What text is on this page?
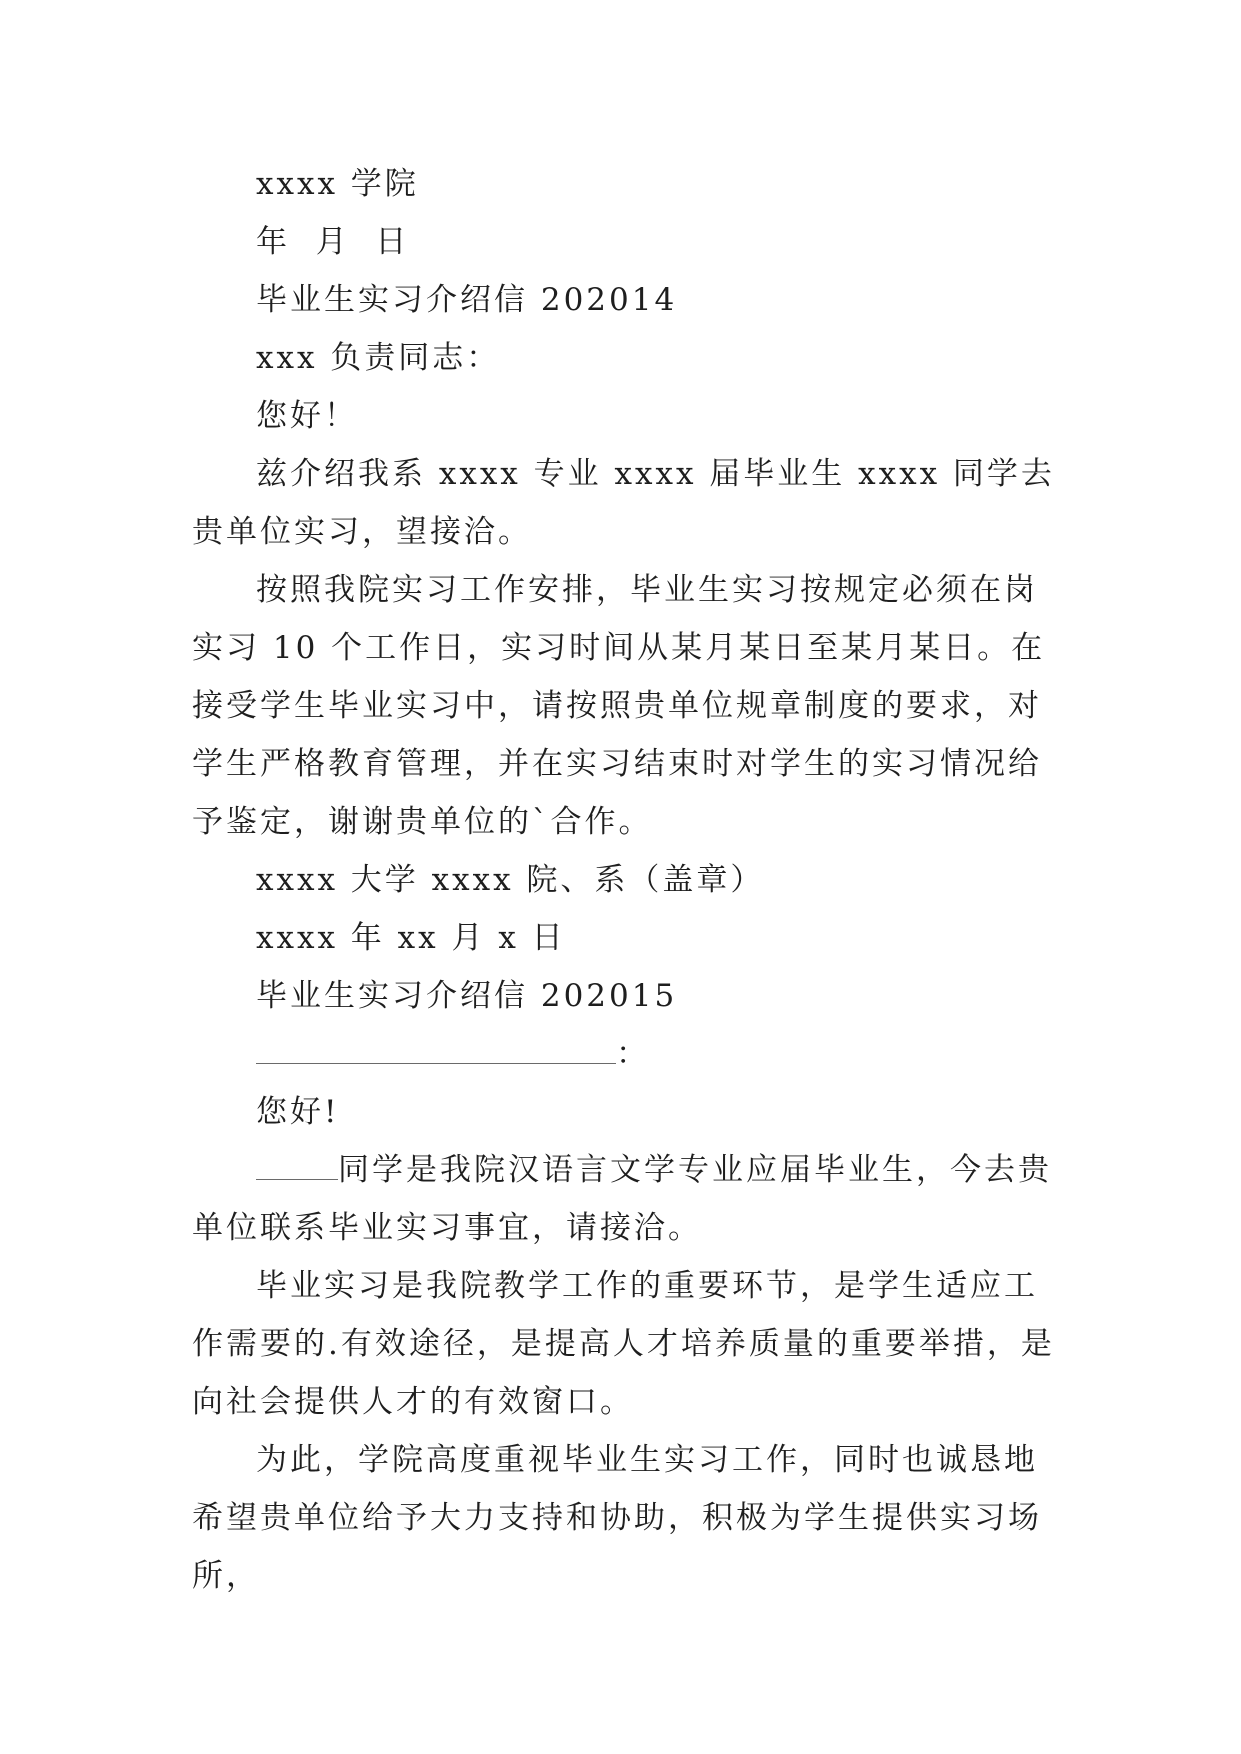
xxxx 学院

年  月  日

毕业生实习介绍信 202014

xxx 负责同志：

您好！

兹介绍我系 xxxx 专业 xxxx 届毕业生 xxxx 同学去贵单位实习，望接洽。

按照我院实习工作安排，毕业生实习按规定必须在岗实习 10 个工作日，实习时间从某月某日至某月某日。在接受学生毕业实习中，请按照贵单位规章制度的要求，对学生严格教育管理，并在实习结束时对学生的实习情况给予鉴定，谢谢贵单位的`合作。

xxxx 大学 xxxx 院、系（盖章）

xxxx 年 xx 月 x 日

毕业生实习介绍信 202015

：

您好!

同学是我院汉语言文学专业应届毕业生，今去贵单位联系毕业实习事宜，请接洽。

毕业实习是我院教学工作的重要环节，是学生适应工作需要的.有效途径，是提高人才培养质量的重要举措，是向社会提供人才的有效窗口。

为此，学院高度重视毕业生实习工作，同时也诚恳地希望贵单位给予大力支持和协助，积极为学生提供实习场所，
